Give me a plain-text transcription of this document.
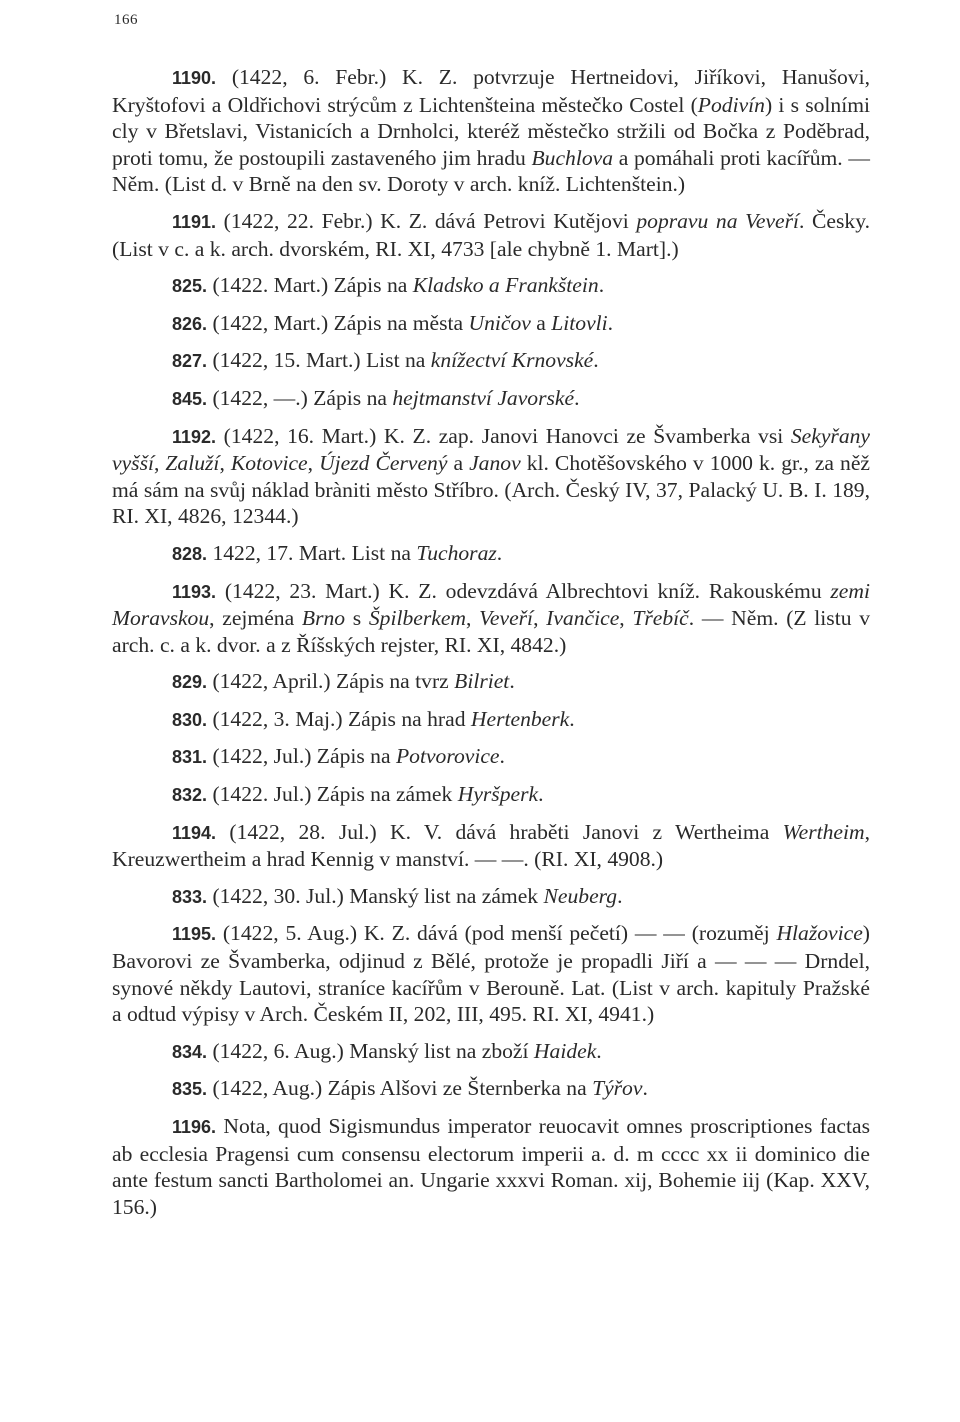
166

1190. (1422, 6. Febr.) K. Z. potvrzuje Hertneidovi, Jiříkovi, Hanušovi, Kryštofovi a Oldřichovi strýcům z Lichtenšteina městečko Costel (Podivín) i s solními cly v Břetslavi, Vistanicích a Drnholci, kteréž městečko stržili od Bočka z Poděbrad, proti tomu, že postoupili zastaveného jim hradu Buchlova a pomáhali proti kacířům. — Něm. (List d. v Brně na den sv. Doroty v arch. kníž. Lichtenštein.)

1191. (1422, 22. Febr.) K. Z. dává Petrovi Kutějovi popravu na Veveří. Česky. (List v c. a k. arch. dvorském, RI. XI, 4733 [ale chybně 1. Mart].)

825. (1422. Mart.) Zápis na Kladsko a Frankštein.

826. (1422, Mart.) Zápis na města Uničov a Litovli.

827. (1422, 15. Mart.) List na knížectví Krnovské.

845. (1422, —.) Zápis na hejtmanství Javorské.

1192. (1422, 16. Mart.) K. Z. zap. Janovi Hanovci ze Švamberka vsi Sekyřany vyšší, Zaluží, Kotovice, Újezd Červený a Janov kl. Chotěšovského v 1000 k. gr., za něž má sám na svůj náklad bràniti město Stříbro. (Arch. Český IV, 37, Palacký U. B. I. 189, RI. XI, 4826, 12344.)

828. 1422, 17. Mart. List na Tuchoraz.

1193. (1422, 23. Mart.) K. Z. odevzdává Albrechtovi kníž. Rakouskému zemi Moravskou, zejména Brno s Špilberkem, Veveří, Ivančice, Třebíč. — Něm. (Z listu v arch. c. a k. dvor. a z Říšských rejster, RI. XI, 4842.)

829. (1422, April.) Zápis na tvrz Bilriet.

830. (1422, 3. Maj.) Zápis na hrad Hertenberk.

831. (1422, Jul.) Zápis na Potvorovice.

832. (1422. Jul.) Zápis na zámek Hyršperk.

1194. (1422, 28. Jul.) K. V. dává hraběti Janovi z Wertheima Wertheim, Kreuzwertheim a hrad Kennig v manství. — —. (RI. XI, 4908.)

833. (1422, 30. Jul.) Manský list na zámek Neuberg.

1195. (1422, 5. Aug.) K. Z. dává (pod menší pečetí) — — (rozuměj Hlažovice) Bavorovi ze Švamberka, odjinud z Bělé, protože je propadli Jiří a — — — Drndel, synové někdy Lautovi, straníce kacířům v Berouně. Lat. (List v arch. kapituly Pražské a odtud výpisy v Arch. Českém II, 202, III, 495. RI. XI, 4941.)

834. (1422, 6. Aug.) Manský list na zboží Haidek.

835. (1422, Aug.) Zápis Alšovi ze Šternberka na Týřov.

1196. Nota, quod Sigismundus imperator reuocavit omnes proscriptiones factas ab ecclesia Pragensi cum consensu electorum imperii a. d. m cccc xx ii dominico die ante festum sancti Bartholomei an. Ungarie xxxvi Roman. xij, Bohemie iij (Kap. XXV, 156.)
